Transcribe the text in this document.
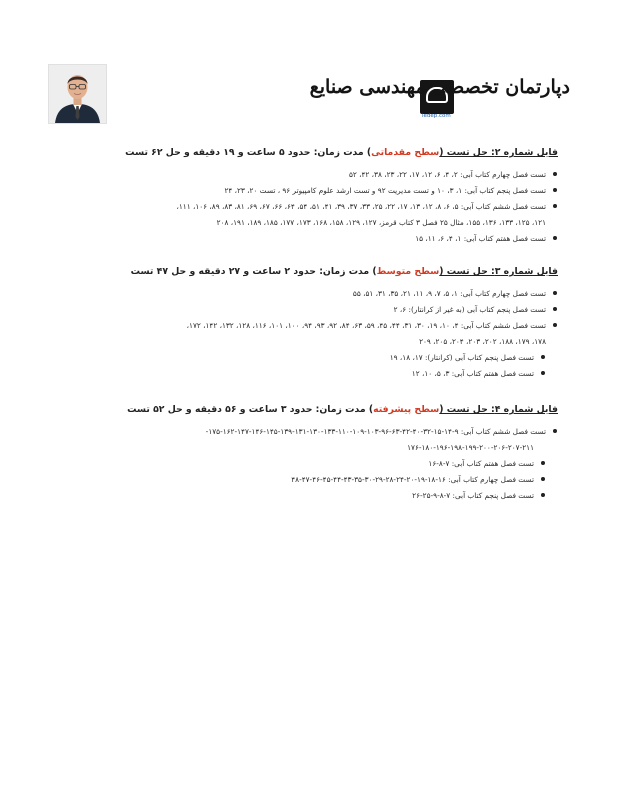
دپارتمان تخصصی مهندسی صنایع
iedep.com
فایل شماره ۲: حل تست (سطح مقدماتی) مدت زمان: حدود ۵ ساعت و ۱۹ دقیقه و حل ۶۲ تست
تست فصل چهارم کتاب آبی: ۲، ۴، ۶، ۱۲، ۱۷، ۲۲، ۲۳، ۳۸، ۴۲، ۵۲
تست فصل پنجم کتاب آبی: ۱، ۳، ۱۰ و تست مدیریت ۹۲ و تست ارشد علوم کامپیوتر ۹۶ ، تست ۲۰، ۲۳، ۲۴
تست فصل ششم کتاب آبی: ۵، ۶، ۸، ۱۲، ۱۳، ۱۷، ۲۲، ۲۵، ۳۳، ۳۷، ۳۹، ۴۱، ۵۱، ۵۴، ۶۴، ۶۶، ۶۷، ۶۹، ۸۱، ۸۳، ۸۹، ۱۰۶، ۱۱۱،
۱۲۱، ۱۲۵، ۱۳۳، ۱۳۶، ۱۵۵، مثال ۲۵ فصل ۳ کتاب قرمز، ۱۲۷، ۱۲۹، ۱۵۸، ۱۶۸، ۱۷۳، ۱۷۷، ۱۸۵، ۱۸۹، ۱۹۱، ۲۰۸
تست فصل هفتم کتاب آبی: ۱، ۴، ۶، ۱۱، ۱۵
فایل شماره ۳: حل تست (سطح متوسط) مدت زمان: حدود ۲ ساعت و ۲۷ دقیقه و حل ۴۷ تست
تست فصل چهارم کتاب آبی: ۱، ۵، ۷، ۹، ۱۱، ۲۱، ۳۵، ۳۱، ۵۱، ۵۵
تست فصل پنجم کتاب آبی (به غیر از کرانتار): ۶، ۲
تست فصل ششم کتاب آبی: ۴، ۱۰، ۱۹، ۳۰، ۳۱، ۴۴، ۴۵، ۵۹، ۶۳، ۸۴، ۹۲، ۹۳، ۹۴، ۱۰۰، ۱۰۱، ۱۱۶، ۱۲۸، ۱۳۲، ۱۴۲، ۱۷۲،
۱۷۸، ۱۷۹، ۱۸۸، ۲۰۲، ۲۰۳، ۲۰۴، ۲۰۵، ۲۰۹
تست فصل پنجم کتاب آبی (کرانتار): ۱۷، ۱۸، ۱۹
تست فصل هفتم کتاب آبی: ۳، ۵، ۱۰، ۱۲
فایل شماره ۴: حل تست (سطح پیشرفته) مدت زمان: حدود ۳ ساعت و ۵۶ دقیقه و حل ۵۲ تست
تست فصل ششم کتاب آبی: ۹-۱۴-۱۵-۳۲-۴۰-۴۲-۶۳-۹۶-۱۰۳-۱۰۹-۱۱۰-۱۳۳-۱۳۰-۱۳۱-۱۳۹-۱۴۵-۱۴۶-۱۴۷-۱۶۲-۱۷۵-
۱۷۶-۱۸۰-۱۹۶-۱۹۸-۱۹۹-۲۰۰-۲۰۶-۲۰۷-۲۱۱
تست فصل هفتم کتاب آبی: ۷-۸-۱۶
تست فصل چهارم کتاب آبی: ۱۶-۱۸-۱۹-۲۰-۲۴-۲۸-۲۹-۳۰-۳۵-۴۳-۴۴-۴۵-۴۶-۴۷-۴۸
تست فصل پنجم کتاب آبی: ۷-۸-۹-۲۵-۲۶
